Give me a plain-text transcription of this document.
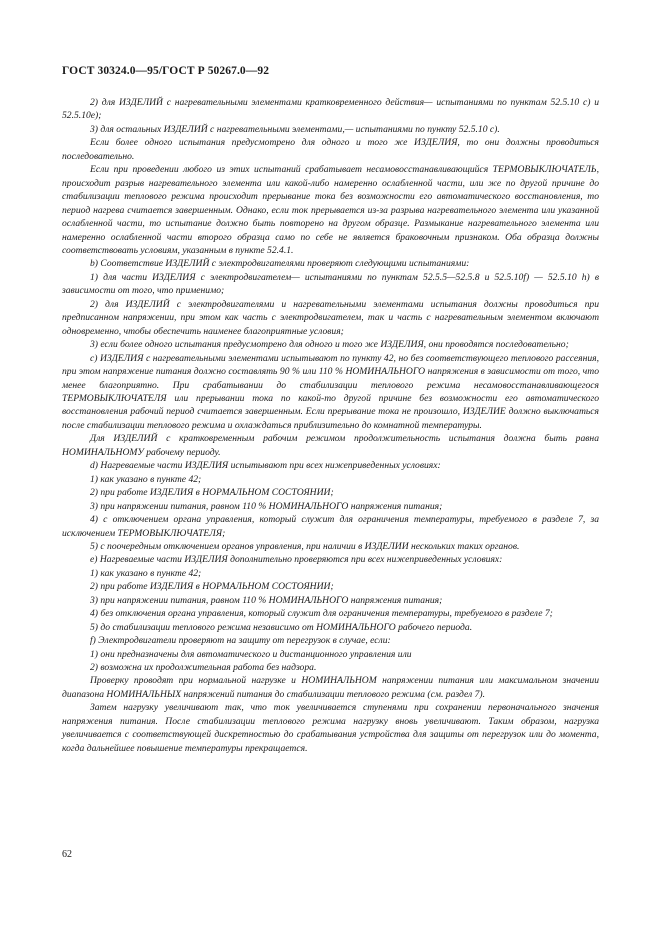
ГОСТ 30324.0—95/ГОСТ Р 50267.0—92

2) для ИЗДЕЛИЙ с нагревательными элементами кратковременного действия— испытаниями по пунктам 52.5.10 с) и 52.5.10е);

3) для остальных ИЗДЕЛИЙ с нагревательными элементами,— испытаниями по пункту 52.5.10 с).

Если более одного испытания предусмотрено для одного и того же ИЗДЕЛИЯ, то они должны проводиться последовательно.

Если при проведении любого из этих испытаний срабатывает несамовосстанавливающийся ТЕРМОВЫКЛЮЧАТЕЛЬ, происходит разрыв нагревательного элемента или какой-либо намеренно ослабленной части, или же по другой причине до стабилизации теплового режима происходит прерывание тока без возможности его автоматического восстановления, то период нагрева считается завершенным. Однако, если ток прерывается из-за разрыва нагревательного элемента или указанной ослабленной части, то испытание должно быть повторено на другом образце. Размыкание нагревательного элемента или намеренно ослабленной части второго образца само по себе не является браковочным признаком. Оба образца должны соответствовать условиям, указанным в пункте 52.4.1.

b) Соответствие ИЗДЕЛИЙ с электродвигателями проверяют следующими испытаниями:

1) для части ИЗДЕЛИЯ с электродвигателем— испытаниями по пунктам 52.5.5—52.5.8 и 52.5.10f) — 52.5.10 h) в зависимости от того, что применимо;

2) для ИЗДЕЛИЙ с электродвигателями и нагревательными элементами испытания должны проводиться при предписанном напряжении, при этом как часть с электродвигателем, так и часть с нагревательным элементом включают одновременно, чтобы обеспечить наименее благоприятные условия;

3) если более одного испытания предусмотрено для одного и того же ИЗДЕЛИЯ, они проводятся последовательно;

c) ИЗДЕЛИЯ с нагревательными элементами испытывают по пункту 42, но без соответствующего теплового рассеяния, при этом напряжение питания должно составлять 90 % или 110 % НОМИНАЛЬНОГО напряжения в зависимости от того, что менее благоприятно. При срабатывании до стабилизации теплового режима несамовосстанавливающегося ТЕРМОВЫКЛЮЧАТЕЛЯ или прерывании тока по какой-то другой причине без возможности его автоматического восстановления рабочий период считается завершенным. Если прерывание тока не произошло, ИЗДЕЛИЕ должно выключаться после стабилизации теплового режима и охлаждаться приблизительно до комнатной температуры.

Для ИЗДЕЛИЙ с кратковременным рабочим режимом продолжительность испытания должна быть равна НОМИНАЛЬНОМУ рабочему периоду.

d) Нагреваемые части ИЗДЕЛИЯ испытывают при всех нижеприведенных условиях:

1) как указано в пункте 42;

2) при работе ИЗДЕЛИЯ в НОРМАЛЬНОМ СОСТОЯНИИ;

3) при напряжении питания, равном 110 % НОМИНАЛЬНОГО напряжения питания;

4) с отключением органа управления, который служит для ограничения температуры, требуемого в разделе 7, за исключением ТЕРМОВЫКЛЮЧАТЕЛЯ;

5) с поочередным отключением органов управления, при наличии в ИЗДЕЛИИ нескольких таких органов.

e) Нагреваемые части ИЗДЕЛИЯ дополнительно проверяются при всех нижеприведенных условиях:

1) как указано в пункте 42;

2) при работе ИЗДЕЛИЯ в НОРМАЛЬНОМ СОСТОЯНИИ;

3) при напряжении питания, равном 110 % НОМИНАЛЬНОГО напряжения питания;

4) без отключения органа управления, который служит для ограничения температуры, требуемого в разделе 7;

5) до стабилизации теплового режима независимо от НОМИНАЛЬНОГО рабочего периода.

f) Электродвигатели проверяют на защиту от перегрузок в случае, если:

1) они предназначены для автоматического и дистанционного управления или

2) возможна их продолжительная работа без надзора.

Проверку проводят при нормальной нагрузке и НОМИНАЛЬНОМ напряжении питания или максимальном значении диапазона НОМИНАЛЬНЫХ напряжений питания до стабилизации теплового режима (см. раздел 7).

Затем нагрузку увеличивают так, что ток увеличивается ступенями при сохранении первоначального значения напряжения питания. После стабилизации теплового режима нагрузку вновь увеличивают. Таким образом, нагрузка увеличивается с соответствующей дискретностью до срабатывания устройства для защиты от перегрузок или до момента, когда дальнейшее повышение температуры прекращается.

62
